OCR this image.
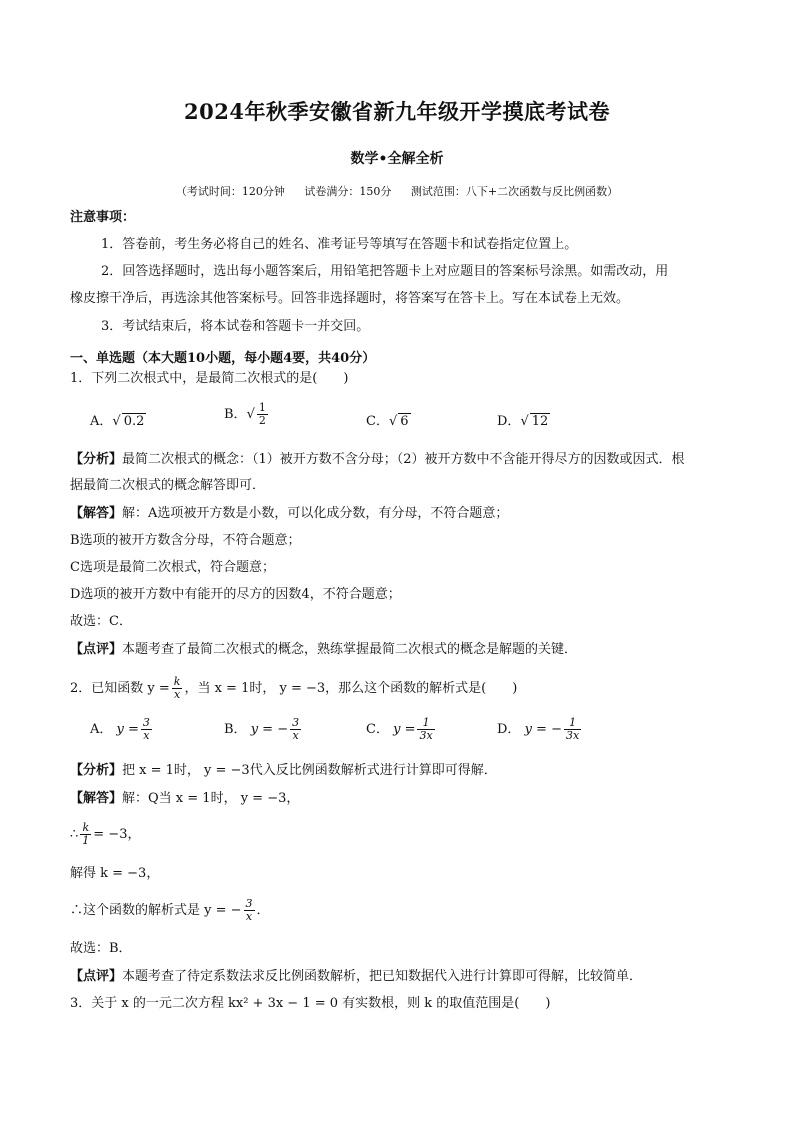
2024年秋季安徽省新九年级开学摸底考试卷
数学•全解全析
（考试时间：120分钟 试卷满分：150分 测试范围：八下+二次函数与反比例函数）
注意事项：
1．答卷前，考生务必将自己的姓名、准考证号等填写在答题卡和试卷指定位置上。
2．回答选择题时，选出每小题答案后，用铅笔把答题卡上对应题目的答案标号涂黑。如需改动，用
橡皮擦干净后，再选涂其他答案标号。回答非选择题时，将答案写在答卡上。写在本试卷上无效。
3．考试结束后，将本试卷和答题卡一并交回。
一、单选题（本大题10小题，每小题4要，共40分）
1．下列二次根式中，是最简二次根式的是(　　)
A．√ 0.2	B．√ $\frac{1}{2}$	C．√ 6	D．√ 12
【分析】最简二次根式的概念：（1）被开方数不含分母；（2）被开方数中不含能开得尽方的因数或因式．根
据最简二次根式的概念解答即可．
【解答】解：A选项被开方数是小数，可以化成分数，有分母，不符合题意；
B选项的被开方数含分母，不符合题意；
C选项是最简二次根式，符合题意；
D选项的被开方数中有能开的尽方的因数4，不符合题意；
故选：C．
【点评】本题考查了最简二次根式的概念，熟练掌握最简二次根式的概念是解题的关键．
2．已知函数 $y = \frac{k}{x}$ ，当 x = 1时， y = −3，那么这个函数的解析式是(　　)
A． $y = \frac{3}{x}$	B． y = − $\frac{3}{x}$	C． $y = \frac{1}{3x}$	D． y = − $\frac{1}{3x}$
【分析】把 x = 1时， y = −3代入反比例函数解析式进行计算即可得解．
【解答】解：Q当 x = 1时， y = −3，
∴ $\frac{k}{1} = -3$，
解得 k = −3，
∴这个函数的解析式是 y = − $\frac{3}{x}$ ．
故选：B．
【点评】本题考查了待定系数法求反比例函数解析，把已知数据代入进行计算即可得解，比较简单．
3．关于 x 的一元二次方程 kx² + 3x − 1 = 0 有实数根，则 k 的取值范围是(　　)
